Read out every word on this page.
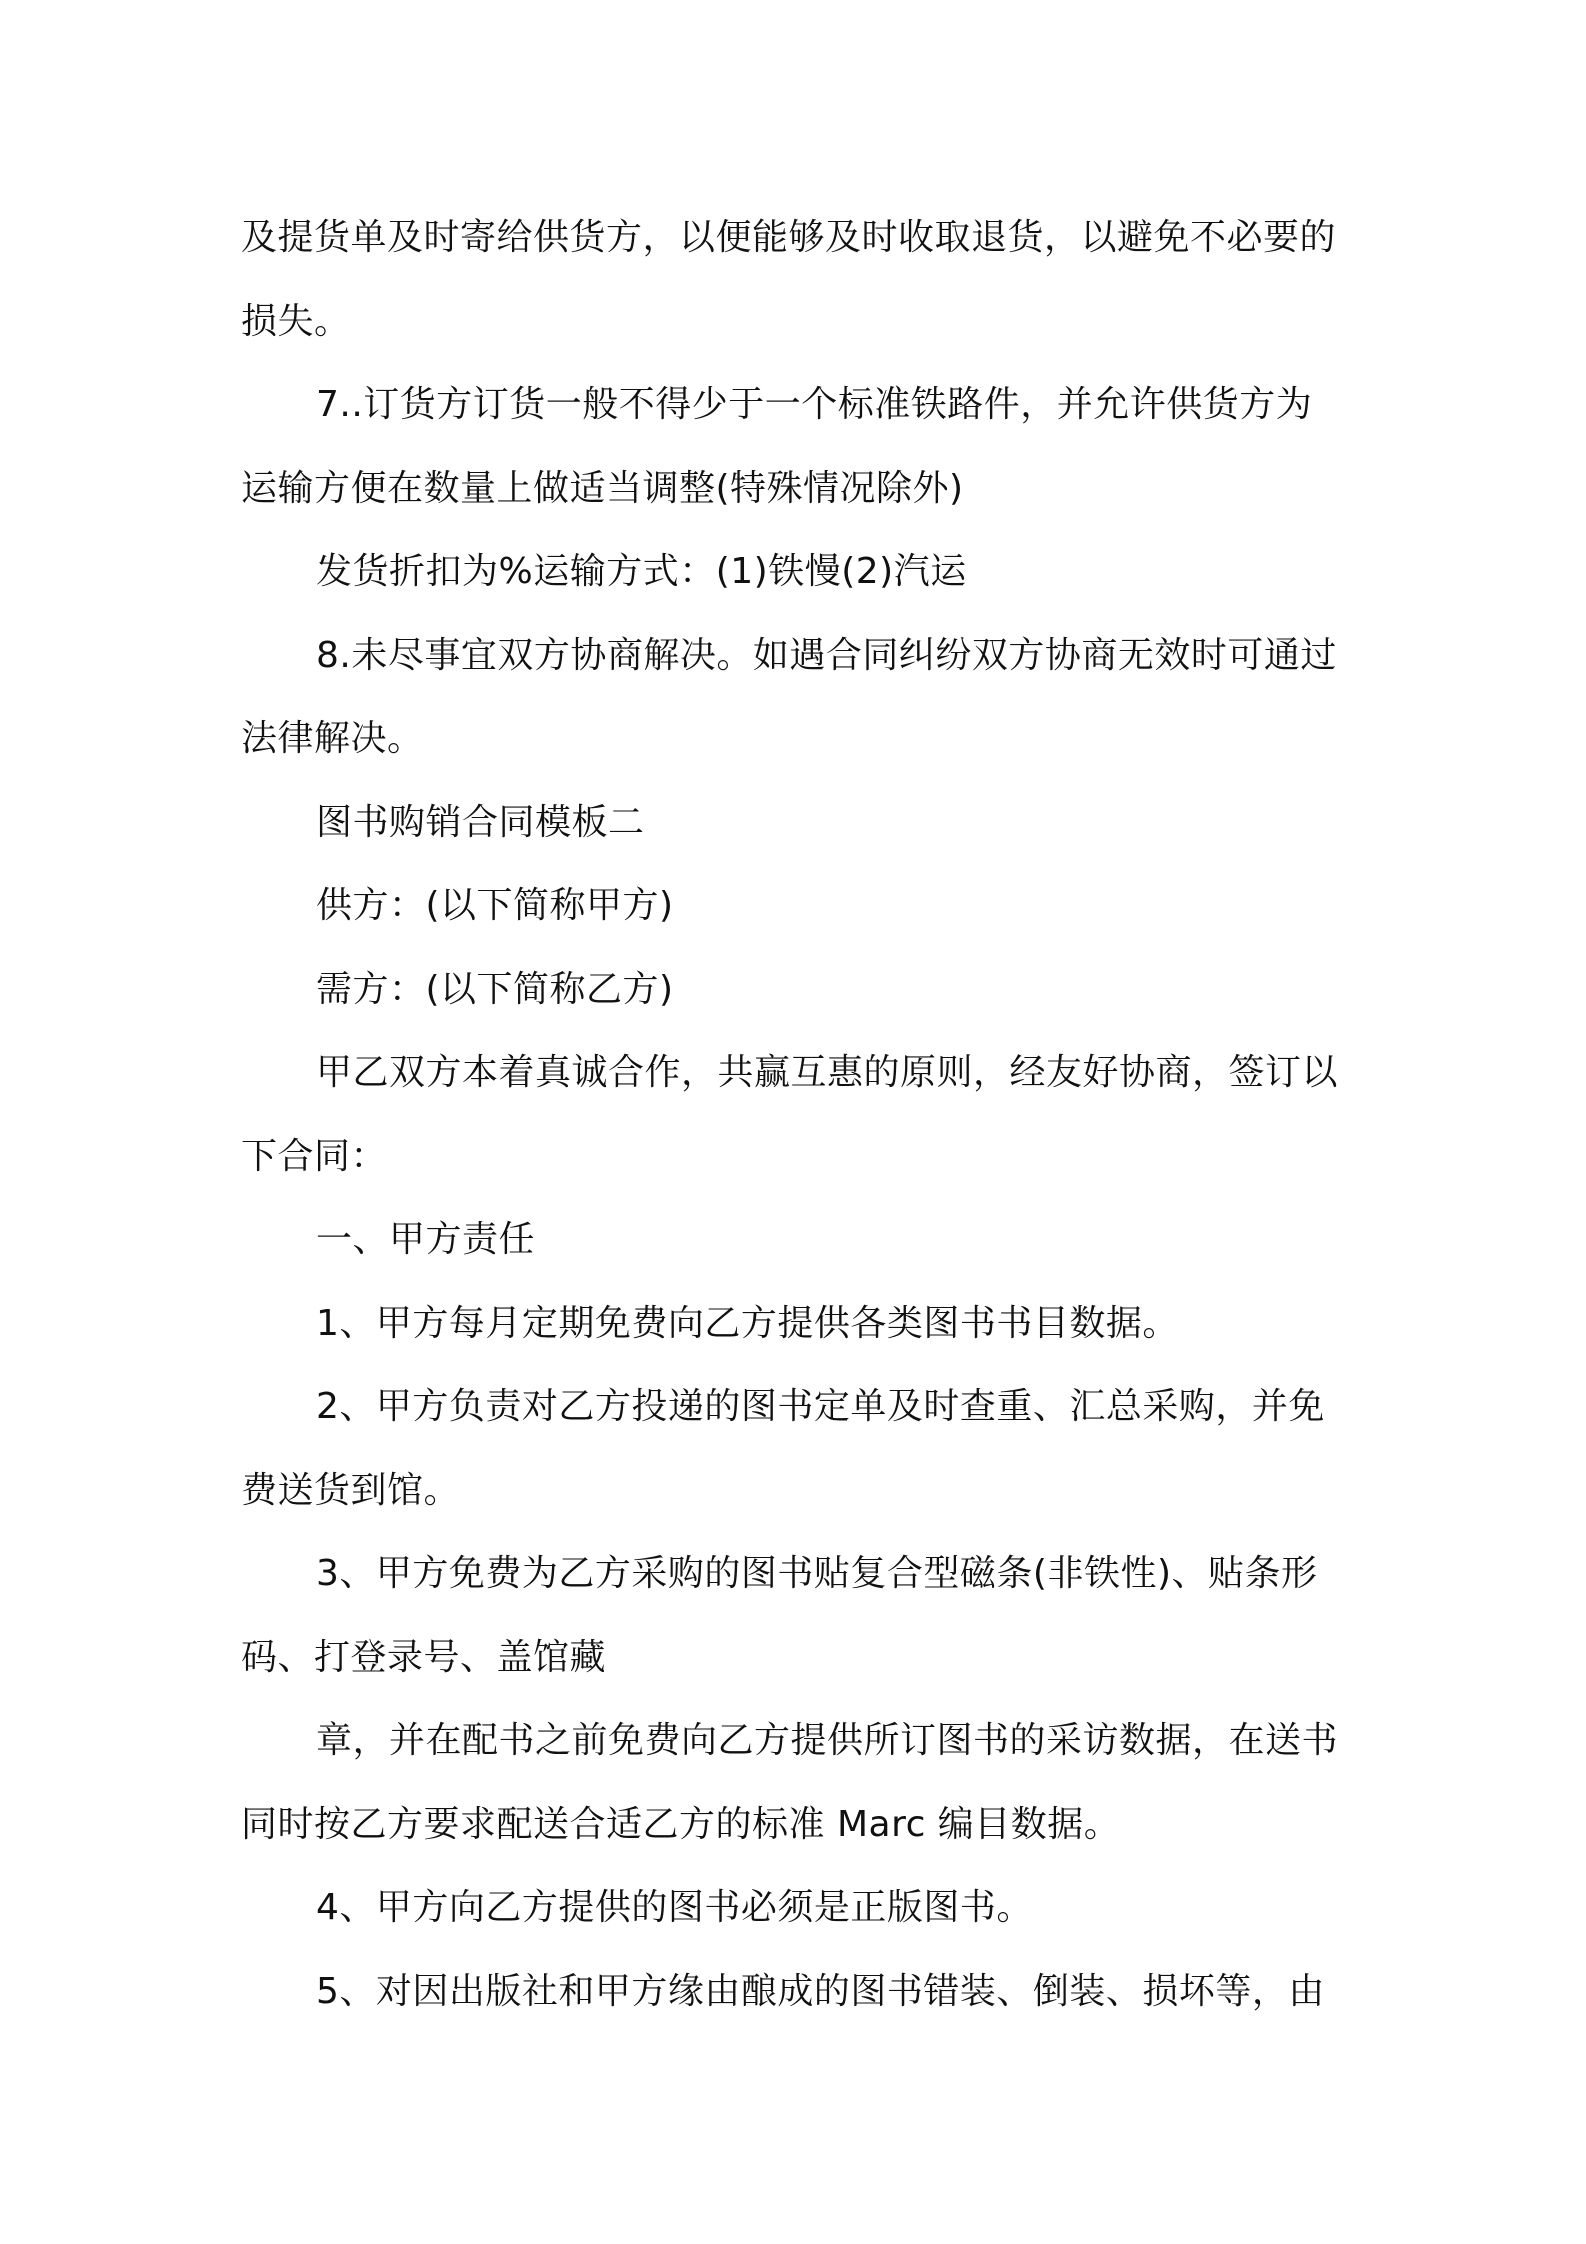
及提货单及时寄给供货方，以便能够及时收取退货，以避免不必要的
损失。
7..订货方订货一般不得少于一个标准铁路件，并允许供货方为
运输方便在数量上做适当调整(特殊情况除外)
发货折扣为%运输方式：(1)铁慢(2)汽运
8.未尽事宜双方协商解决。如遇合同纠纷双方协商无效时可通过
法律解决。
图书购销合同模板二
供方：(以下简称甲方)
需方：(以下简称乙方)
甲乙双方本着真诚合作，共赢互惠的原则，经友好协商，签订以
下合同：
一、甲方责任
1、甲方每月定期免费向乙方提供各类图书书目数据。
2、甲方负责对乙方投递的图书定单及时查重、汇总采购，并免
费送货到馆。
3、甲方免费为乙方采购的图书贴复合型磁条(非铁性)、贴条形
码、打登录号、盖馆藏
章，并在配书之前免费向乙方提供所订图书的采访数据，在送书
同时按乙方要求配送合适乙方的标准 Marc 编目数据。
4、甲方向乙方提供的图书必须是正版图书。
5、对因出版社和甲方缘由酿成的图书错装、倒装、损坏等，由
